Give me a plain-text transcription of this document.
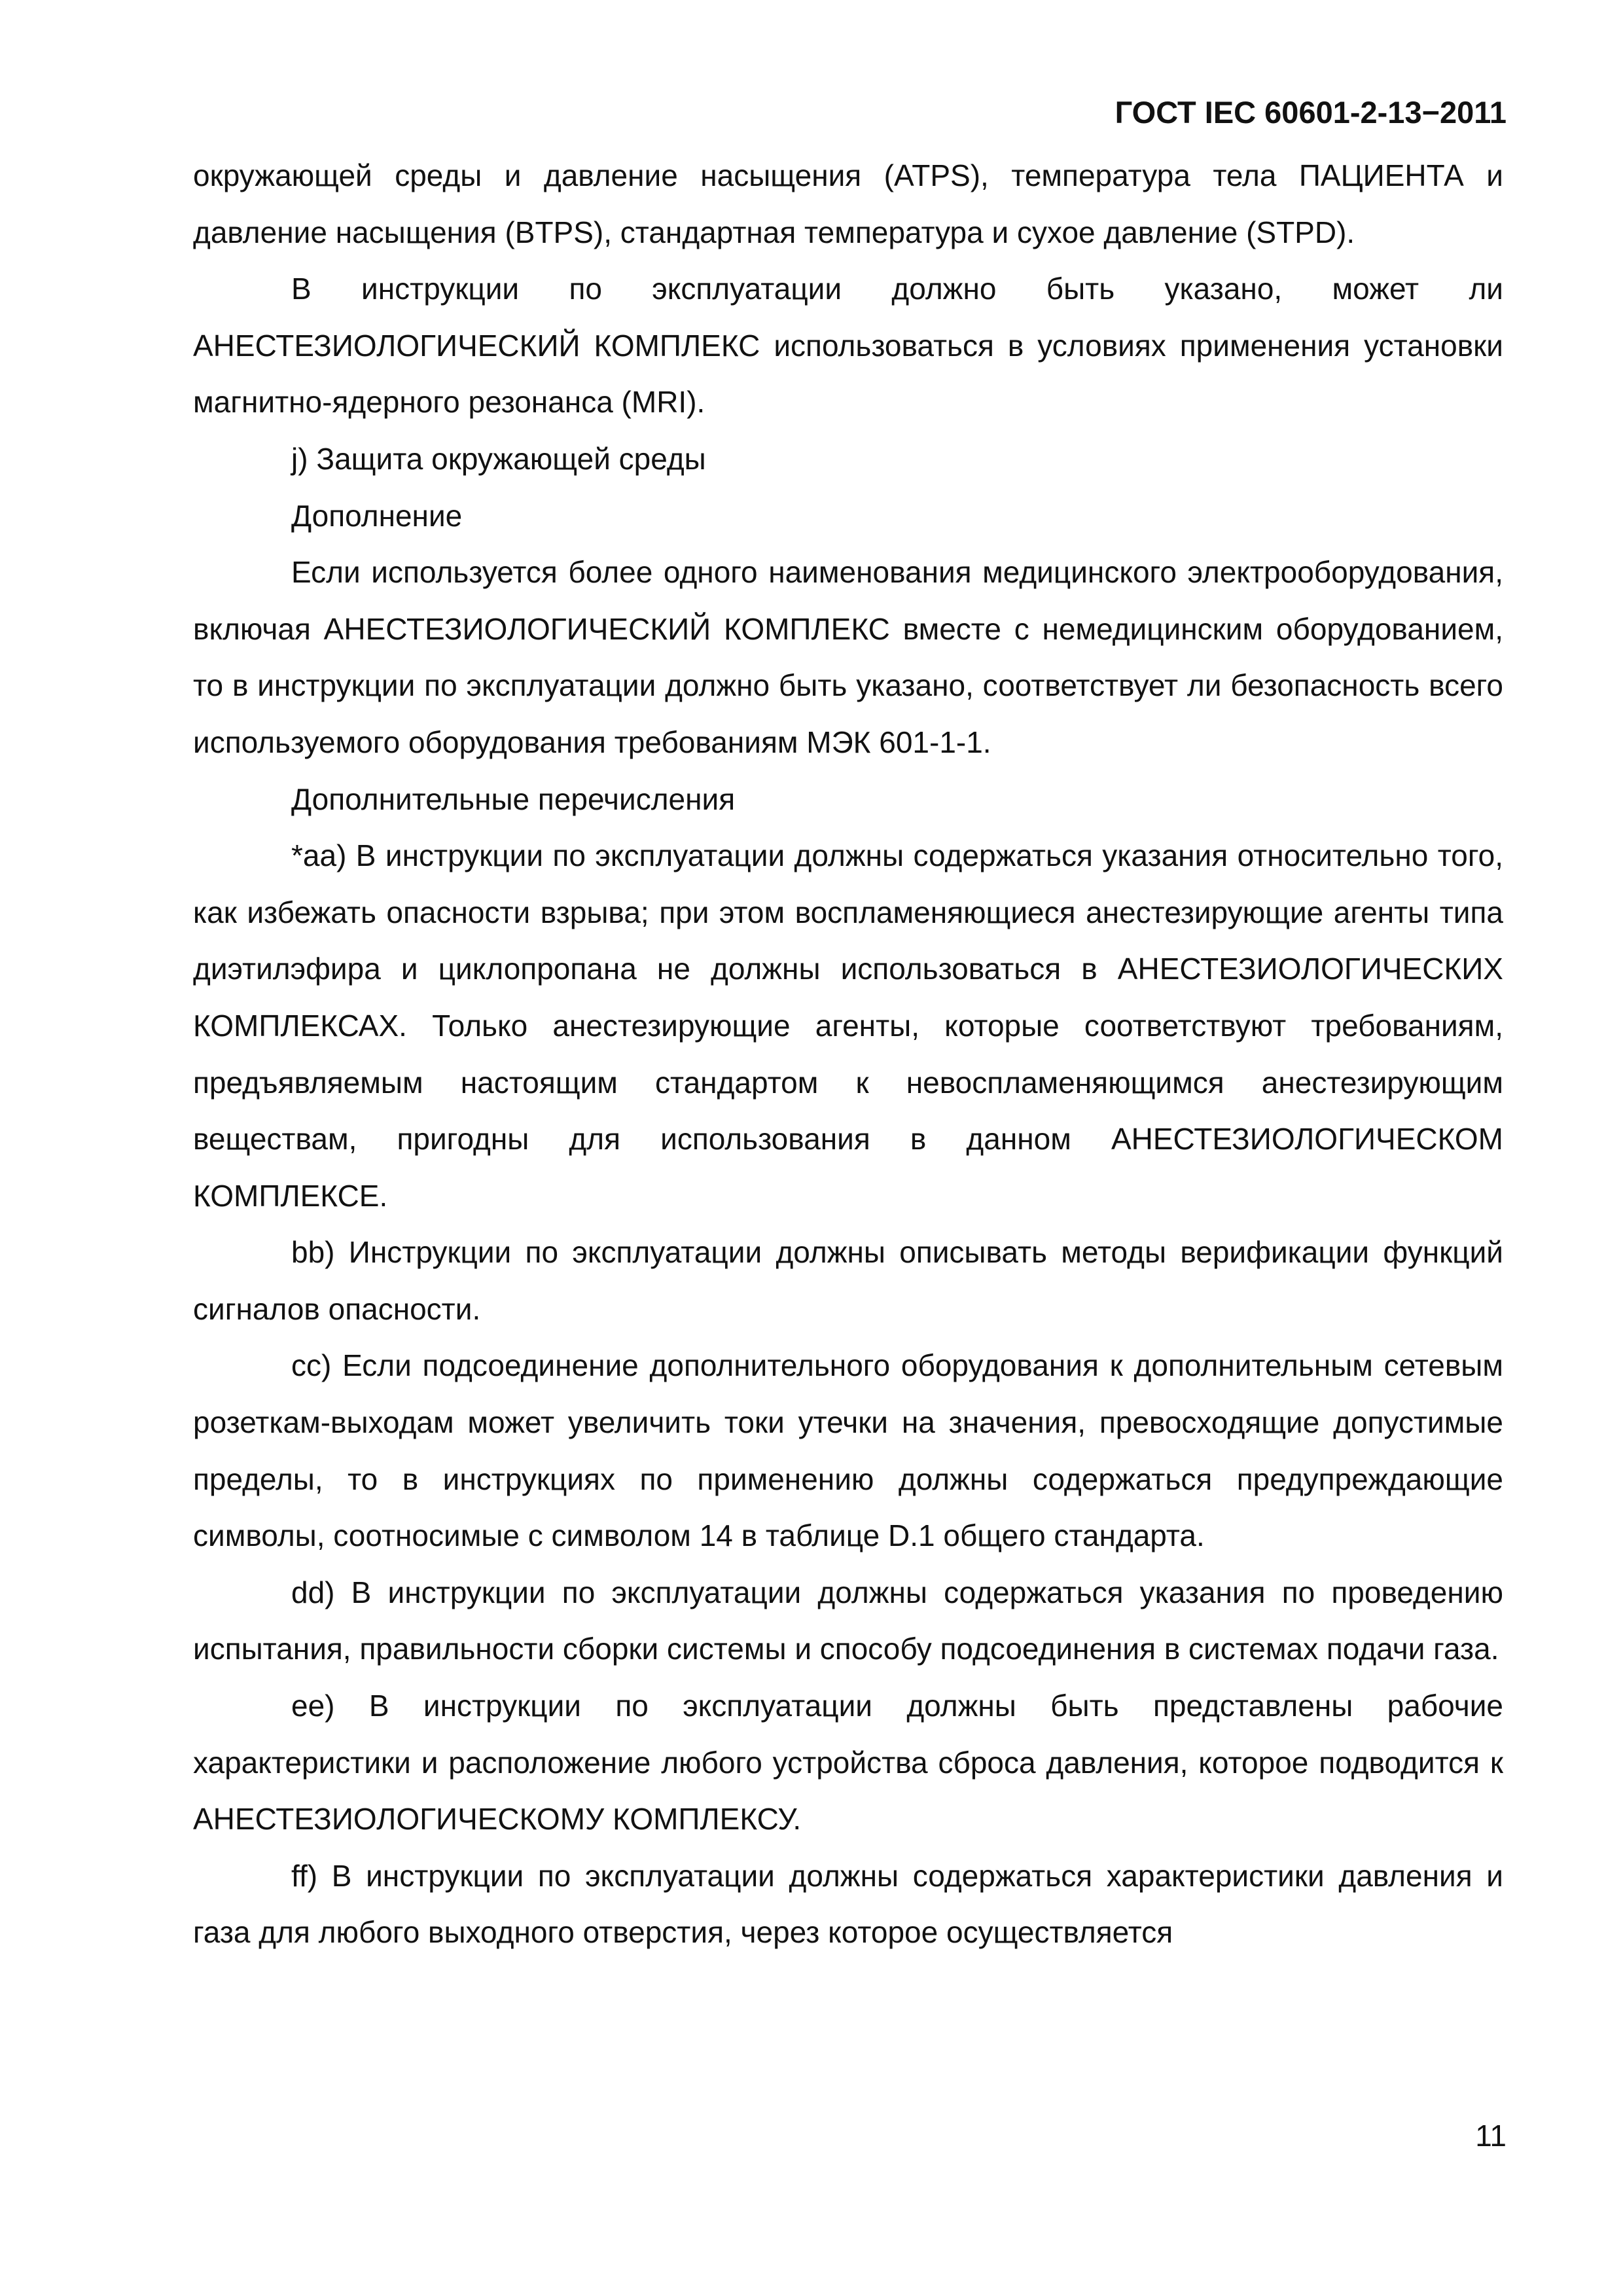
ГОСТ IEC 60601-2-13−2011

окружающей среды и давление насыщения (ATPS), температура тела ПАЦИЕНТА и давление насыщения (BTPS), стандартная температура и сухое давление (STPD).

В инструкции по эксплуатации должно быть указано, может ли АНЕСТЕЗИОЛОГИЧЕСКИЙ КОМПЛЕКС использоваться в условиях применения установки магнитно-ядерного резонанса (MRI).

j) Защита окружающей среды

Дополнение

Если используется более одного наименования медицинского электрооборудования, включая АНЕСТЕЗИОЛОГИЧЕСКИЙ КОМПЛЕКС вместе с немедицинским оборудованием, то в инструкции по эксплуатации должно быть указано, соответствует ли безопасность всего используемого оборудования требованиям МЭК 601-1-1.

Дополнительные перечисления

*aa) В инструкции по эксплуатации должны содержаться указания относительно того, как избежать опасности взрыва; при этом воспламеняющиеся анестезирующие агенты типа диэтилэфира и циклопропана не должны использоваться в АНЕСТЕЗИОЛОГИЧЕСКИХ КОМПЛЕКСАХ. Только анестезирующие агенты, которые соответствуют требованиям, предъявляемым настоящим стандартом к невоспламеняющимся анестезирующим веществам, пригодны для использования в данном АНЕСТЕЗИОЛОГИЧЕСКОМ КОМПЛЕКСЕ.

bb) Инструкции по эксплуатации должны описывать методы верификации функций сигналов опасности.

cc) Если подсоединение дополнительного оборудования к дополнительным сетевым розеткам-выходам может увеличить токи утечки на значения, превосходящие допустимые пределы, то в инструкциях по применению должны содержаться предупреждающие символы, соотносимые с символом 14 в таблице D.1 общего стандарта.

dd) В инструкции по эксплуатации должны содержаться указания по проведению испытания, правильности сборки системы и способу подсоединения в системах подачи газа.

ee) В инструкции по эксплуатации должны быть представлены рабочие характеристики и расположение любого устройства сброса давления, которое подводится к АНЕСТЕЗИОЛОГИЧЕСКОМУ КОМПЛЕКСУ.

ff) В инструкции по эксплуатации должны содержаться характеристики давления и газа для любого выходного отверстия, через которое осуществляется

11
